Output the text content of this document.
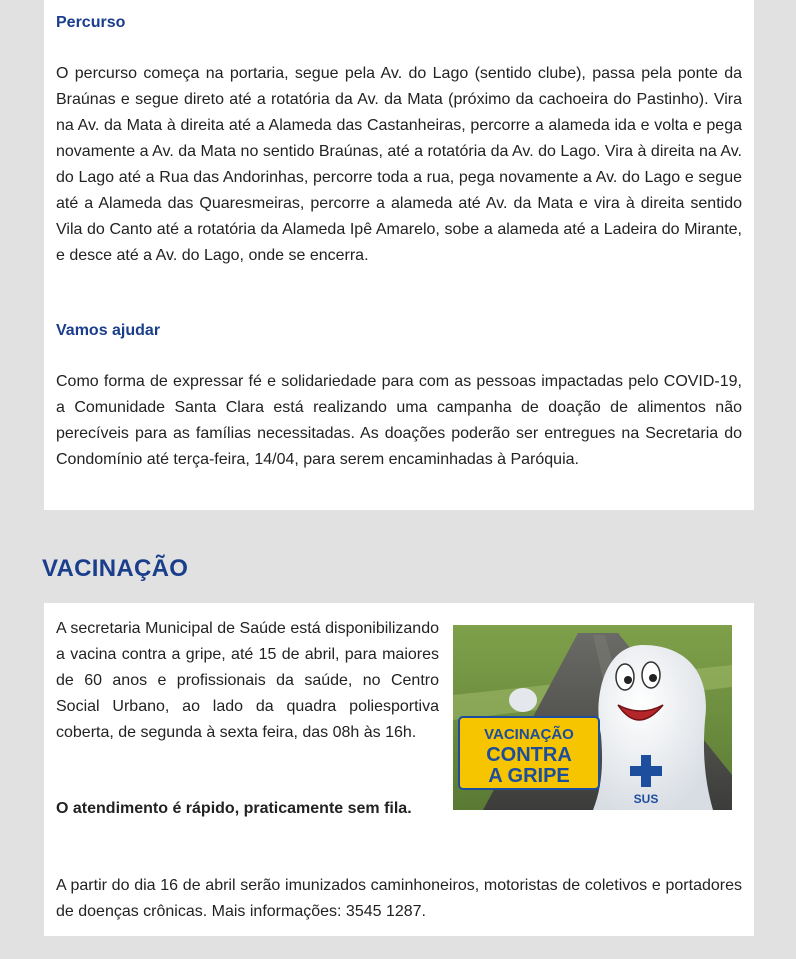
Percurso

O percurso começa na portaria, segue pela Av. do Lago (sentido clube), passa pela ponte da Braúnas e segue direto até a rotatória da Av. da Mata (próximo da cachoeira do Pastinho). Vira na Av. da Mata à direita até a Alameda das Castanheiras, percorre a alameda ida e volta e pega novamente a Av. da Mata no sentido Braúnas, até a rotatória da Av. do Lago. Vira à direita na Av. do Lago até a Rua das Andorinhas, percorre toda a rua, pega novamente a Av. do Lago e segue até a Alameda das Quaresmeiras, percorre a alameda até Av. da Mata e vira à direita sentido Vila do Canto até a rotatória da Alameda Ipê Amarelo, sobe a alameda até a Ladeira do Mirante, e desce até a Av. do Lago, onde se encerra.

Vamos ajudar

Como forma de expressar fé e solidariedade para com as pessoas impactadas pelo COVID-19, a Comunidade Santa Clara está realizando uma campanha de doação de alimentos não perecíveis para as famílias necessitadas. As doações poderão ser entregues na Secretaria do Condomínio até terça-feira, 14/04, para serem encaminhadas à Paróquia.

VACINAÇÃO

A secretaria Municipal de Saúde está disponibilizando a vacina contra a gripe, até 15 de abril, para maiores de 60 anos e profissionais da saúde, no Centro Social Urbano, ao lado da quadra poliesportiva coberta, de segunda à sexta feira, das 08h às 16h.

O atendimento é rápido, praticamente sem fila.

A partir do dia 16 de abril serão imunizados caminhoneiros, motoristas de coletivos e portadores de doenças crônicas. Mais informações: 3545 1287.

VACINAÇÃO
CONTRA
A GRIPE
SUS
